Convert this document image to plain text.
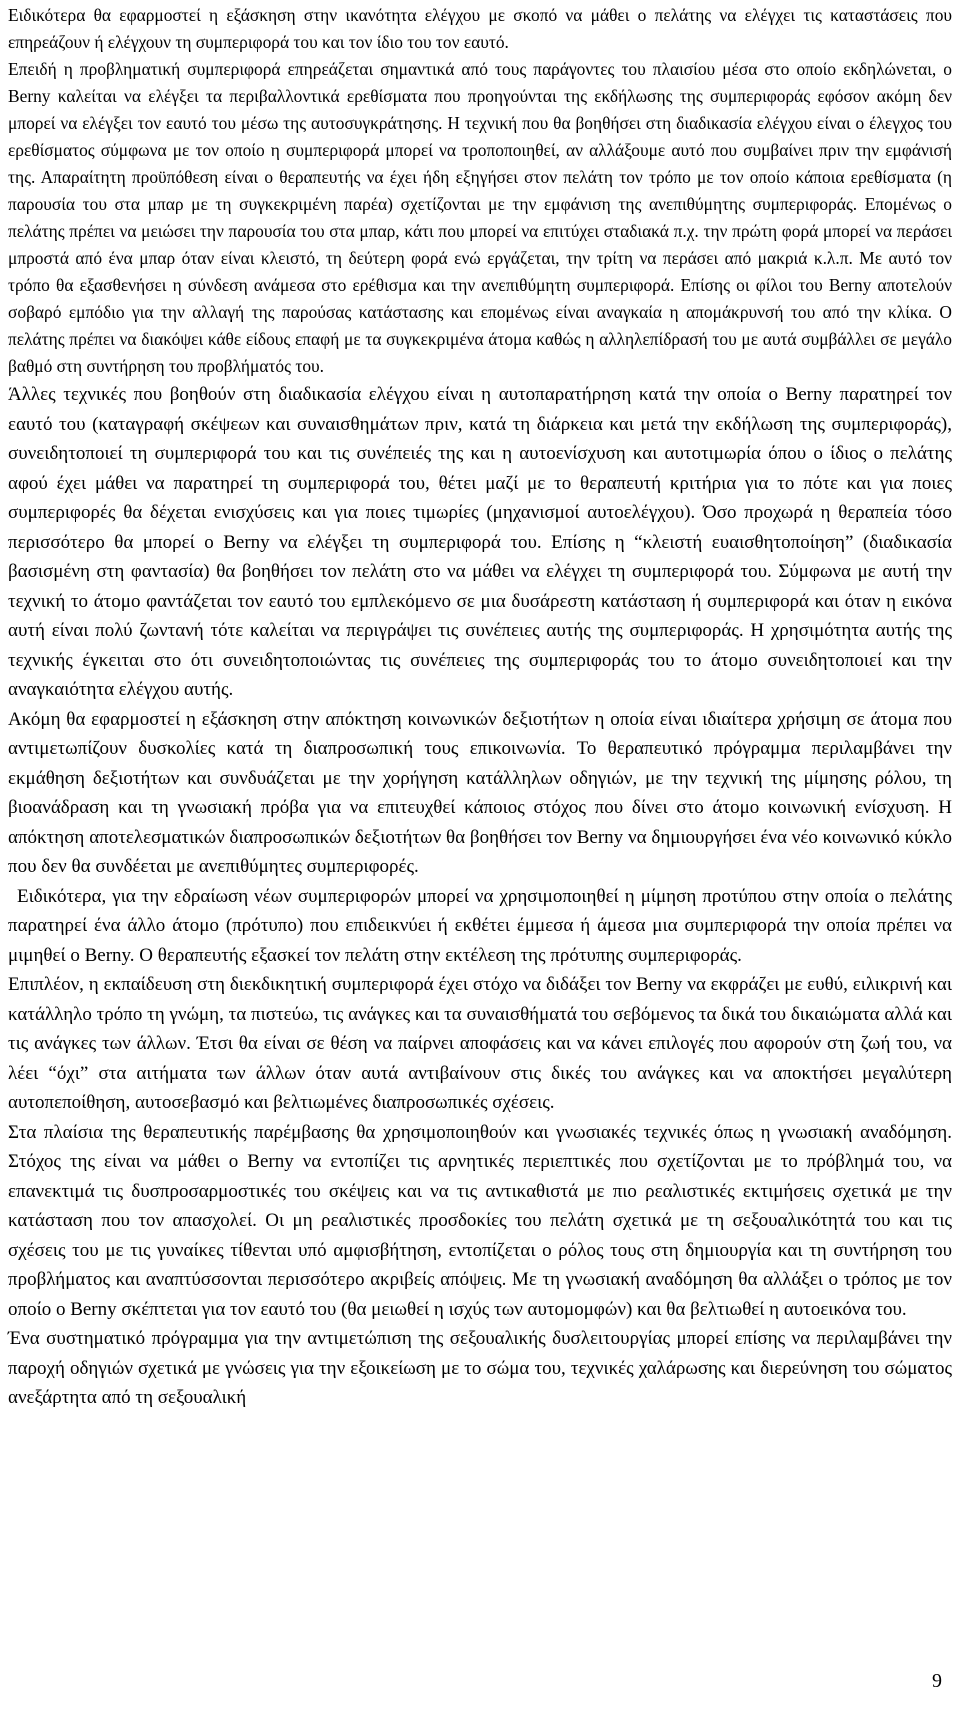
Ειδικότερα θα εφαρμοστεί η εξάσκηση στην ικανότητα ελέγχου με σκοπό να μάθει ο πελάτης να ελέγχει τις καταστάσεις που επηρεάζουν ή ελέγχουν τη συμπεριφορά του και τον ίδιο του τον εαυτό.

Επειδή η προβληματική συμπεριφορά επηρεάζεται σημαντικά από τους παράγοντες του πλαισίου μέσα στο οποίο εκδηλώνεται, ο Berny καλείται να ελέγξει τα περιβαλλοντικά ερεθίσματα που προηγούνται της εκδήλωσης της συμπεριφοράς εφόσον ακόμη δεν μπορεί να ελέγξει τον εαυτό του μέσω της αυτοσυγκράτησης. Η τεχνική που θα βοηθήσει στη διαδικασία ελέγχου είναι ο έλεγχος του ερεθίσματος σύμφωνα με τον οποίο η συμπεριφορά μπορεί να τροποποιηθεί, αν αλλάξουμε αυτό που συμβαίνει πριν την εμφάνισή της. Απαραίτητη προϋπόθεση είναι ο θεραπευτής να έχει ήδη εξηγήσει στον πελάτη τον τρόπο με τον οποίο κάποια ερεθίσματα (η παρουσία του στα μπαρ με τη συγκεκριμένη παρέα) σχετίζονται με την εμφάνιση της ανεπιθύμητης συμπεριφοράς. Επομένως ο πελάτης πρέπει να μειώσει την παρουσία του στα μπαρ, κάτι που μπορεί να επιτύχει σταδιακά π.χ. την πρώτη φορά μπορεί να περάσει μπροστά από ένα μπαρ όταν είναι κλειστό, τη δεύτερη φορά ενώ εργάζεται, την τρίτη να περάσει από μακριά κ.λ.π. Με αυτό τον τρόπο θα εξασθενήσει η σύνδεση ανάμεσα στο ερέθισμα και την ανεπιθύμητη συμπεριφορά. Επίσης οι φίλοι του Berny αποτελούν σοβαρό εμπόδιο για την αλλαγή της παρούσας κατάστασης και επομένως είναι αναγκαία η απομάκρυνσή του από την κλίκα. Ο πελάτης πρέπει να διακόψει κάθε είδους επαφή με τα συγκεκριμένα άτομα καθώς η αλληλεπίδρασή του με αυτά συμβάλλει σε μεγάλο βαθμό στη συντήρηση του προβλήματός του.

Άλλες τεχνικές που βοηθούν στη διαδικασία ελέγχου είναι η αυτοπαρατήρηση κατά την οποία ο Berny παρατηρεί τον εαυτό του (καταγραφή σκέψεων και συναισθημάτων πριν, κατά τη διάρκεια και μετά την εκδήλωση της συμπεριφοράς), συνειδητοποιεί τη συμπεριφορά του και τις συνέπειές της και η αυτοενίσχυση και αυτοτιμωρία όπου ο ίδιος ο πελάτης αφού έχει μάθει να παρατηρεί τη συμπεριφορά του, θέτει μαζί με το θεραπευτή κριτήρια για το πότε και για ποιες συμπεριφορές θα δέχεται ενισχύσεις και για ποιες τιμωρίες (μηχανισμοί αυτοελέγχου). Όσο προχωρά η θεραπεία τόσο περισσότερο θα μπορεί ο Berny να ελέγξει τη συμπεριφορά του. Επίσης η “κλειστή ευαισθητοποίηση” (διαδικασία βασισμένη στη φαντασία) θα βοηθήσει τον πελάτη στο να μάθει να ελέγχει τη συμπεριφορά του. Σύμφωνα με αυτή την τεχνική το άτομο φαντάζεται τον εαυτό του εμπλεκόμενο σε μια δυσάρεστη κατάσταση ή συμπεριφορά και όταν η εικόνα αυτή είναι πολύ ζωντανή τότε καλείται να περιγράψει τις συνέπειες αυτής της συμπεριφοράς. Η χρησιμότητα αυτής της τεχνικής έγκειται στο ότι συνειδητοποιώντας τις συνέπειες της συμπεριφοράς του το άτομο συνειδητοποιεί και την αναγκαιότητα ελέγχου αυτής.

Ακόμη θα εφαρμοστεί η εξάσκηση στην απόκτηση κοινωνικών δεξιοτήτων η οποία είναι ιδιαίτερα χρήσιμη σε άτομα που αντιμετωπίζουν δυσκολίες κατά τη διαπροσωπική τους επικοινωνία. Το θεραπευτικό πρόγραμμα περιλαμβάνει την εκμάθηση δεξιοτήτων και συνδυάζεται με την χορήγηση κατάλληλων οδηγιών, με την τεχνική της μίμησης ρόλου, τη βιοανάδραση και τη γνωσιακή πρόβα για να επιτευχθεί κάποιος στόχος που δίνει στο άτομο κοινωνική ενίσχυση. Η απόκτηση αποτελεσματικών διαπροσωπικών δεξιοτήτων θα βοηθήσει τον Berny να δημιουργήσει ένα νέο κοινωνικό κύκλο που δεν θα συνδέεται με ανεπιθύμητες συμπεριφορές.

Ειδικότερα, για την εδραίωση νέων συμπεριφορών μπορεί να χρησιμοποιηθεί η μίμηση προτύπου στην οποία ο πελάτης παρατηρεί ένα άλλο άτομο (πρότυπο) που επιδεικνύει ή εκθέτει έμμεσα ή άμεσα μια συμπεριφορά την οποία πρέπει να μιμηθεί ο Berny. Ο θεραπευτής εξασκεί τον πελάτη στην εκτέλεση της πρότυπης συμπεριφοράς.

Επιπλέον, η εκπαίδευση στη διεκδικητική συμπεριφορά έχει στόχο να διδάξει τον Berny να εκφράζει με ευθύ, ειλικρινή και κατάλληλο τρόπο τη γνώμη, τα πιστεύω, τις ανάγκες και τα συναισθήματά του σεβόμενος τα δικά του δικαιώματα αλλά και τις ανάγκες των άλλων. Έτσι θα είναι σε θέση να παίρνει αποφάσεις και να κάνει επιλογές που αφορούν στη ζωή του, να λέει “όχι” στα αιτήματα των άλλων όταν αυτά αντιβαίνουν στις δικές του ανάγκες και να αποκτήσει μεγαλύτερη αυτοπεποίθηση, αυτοσεβασμό και βελτιωμένες διαπροσωπικές σχέσεις.

Στα πλαίσια της θεραπευτικής παρέμβασης θα χρησιμοποιηθούν και γνωσιακές τεχνικές όπως η γνωσιακή αναδόμηση. Στόχος της είναι να μάθει ο Berny να εντοπίζει τις αρνητικές περιεπτικές που σχετίζονται με το πρόβλημά του, να επανεκτιμά τις δυσπροσαρμοστικές του σκέψεις και να τις αντικαθιστά με πιο ρεαλιστικές εκτιμήσεις σχετικά με την κατάσταση που τον απασχολεί. Οι μη ρεαλιστικές προσδοκίες του πελάτη σχετικά με τη σεξουαλικότητά του και τις σχέσεις του με τις γυναίκες τίθενται υπό αμφισβήτηση, εντοπίζεται ο ρόλος τους στη δημιουργία και τη συντήρηση του προβλήματος και αναπτύσσονται περισσότερο ακριβείς απόψεις. Με τη γνωσιακή αναδόμηση θα αλλάξει ο τρόπος με τον οποίο ο Berny σκέπτεται για τον εαυτό του (θα μειωθεί η ισχύς των αυτομομφών) και θα βελτιωθεί η αυτοεικόνα του.

Ένα συστηματικό πρόγραμμα για την αντιμετώπιση της σεξουαλικής δυσλειτουργίας μπορεί επίσης να περιλαμβάνει την παροχή οδηγιών σχετικά με γνώσεις για την εξοικείωση με το σώμα του, τεχνικές χαλάρωσης και διερεύνηση του σώματος ανεξάρτητα από τη σεξουαλική

9
